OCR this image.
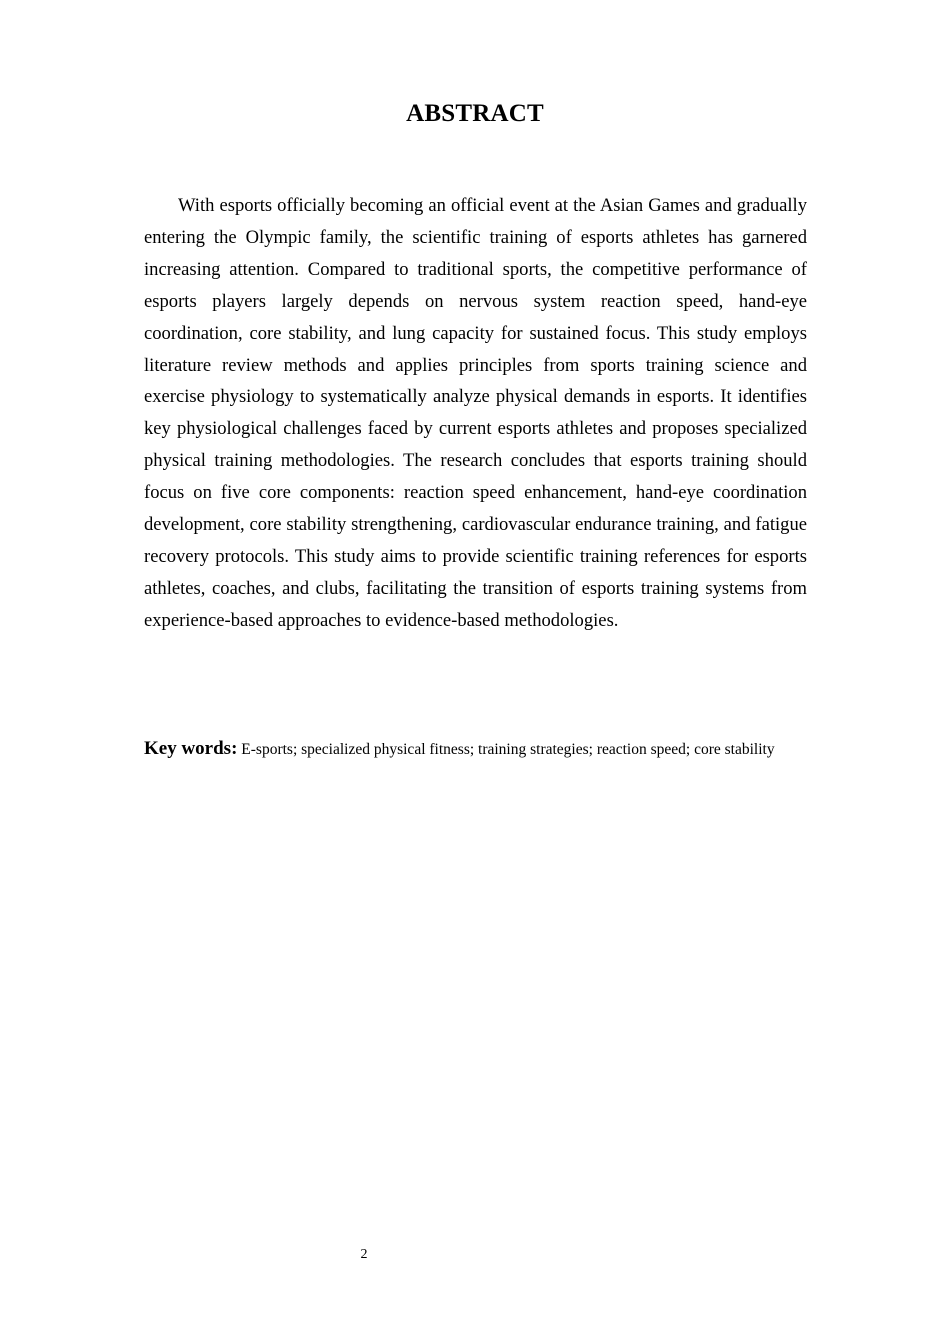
ABSTRACT

With esports officially becoming an official event at the Asian Games and gradually entering the Olympic family, the scientific training of esports athletes has garnered increasing attention. Compared to traditional sports, the competitive performance of esports players largely depends on nervous system reaction speed, hand-eye coordination, core stability, and lung capacity for sustained focus. This study employs literature review methods and applies principles from sports training science and exercise physiology to systematically analyze physical demands in esports. It identifies key physiological challenges faced by current esports athletes and proposes specialized physical training methodologies. The research concludes that esports training should focus on five core components: reaction speed enhancement, hand-eye coordination development, core stability strengthening, cardiovascular endurance training, and fatigue recovery protocols. This study aims to provide scientific training references for esports athletes, coaches, and clubs, facilitating the transition of esports training systems from experience-based approaches to evidence-based methodologies.

Key words: E-sports; specialized physical fitness; training strategies; reaction speed; core stability

2
